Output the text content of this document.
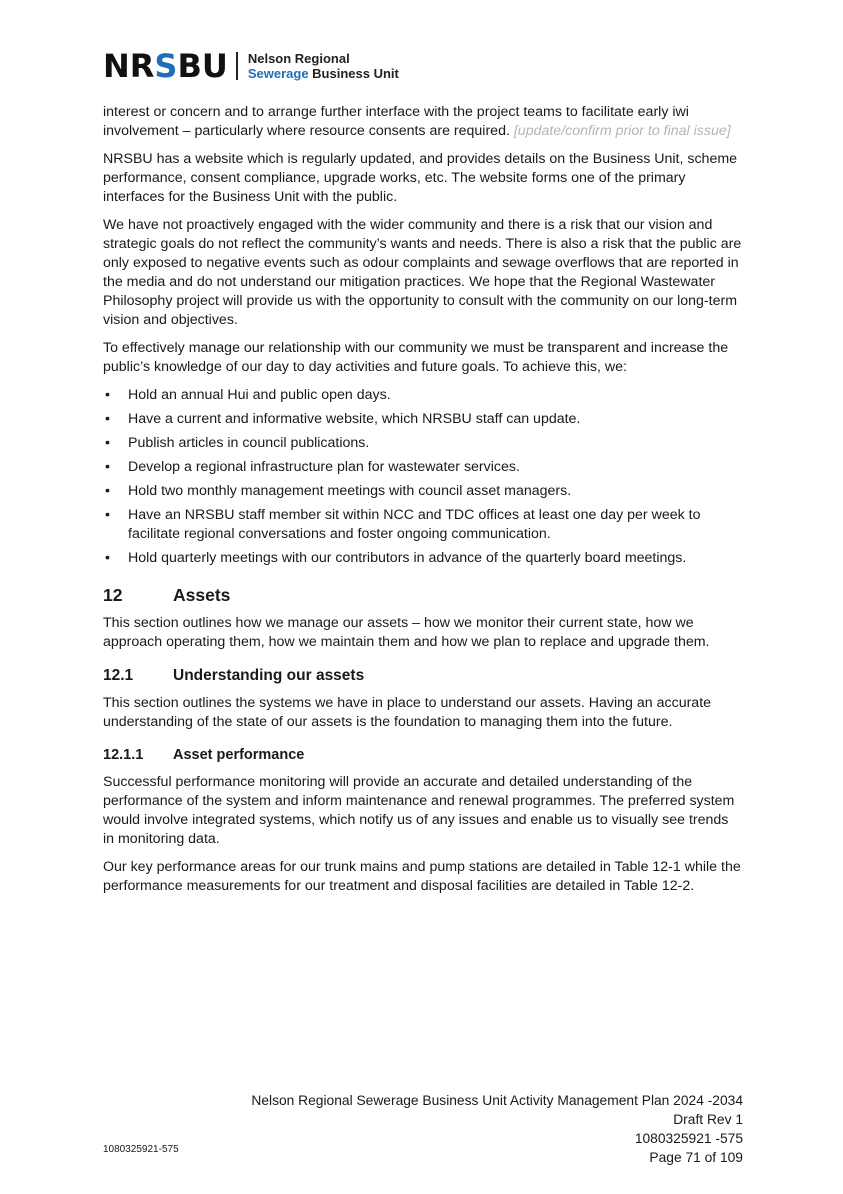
NRSBU Nelson Regional
Sewerage Business Unit

interest or concern and to arrange further interface with the project teams to facilitate early iwi involvement – particularly where resource consents are required. [update/confirm prior to final issue]

NRSBU has a website which is regularly updated, and provides details on the Business Unit, scheme performance, consent compliance, upgrade works, etc. The website forms one of the primary interfaces for the Business Unit with the public.

We have not proactively engaged with the wider community and there is a risk that our vision and strategic goals do not reflect the community’s wants and needs. There is also a risk that the public are only exposed to negative events such as odour complaints and sewage overflows that are reported in the media and do not understand our mitigation practices. We hope that the Regional Wastewater Philosophy project will provide us with the opportunity to consult with the community on our long-term vision and objectives.

To effectively manage our relationship with our community we must be transparent and increase the public’s knowledge of our day to day activities and future goals. To achieve this, we:

• Hold an annual Hui and public open days.
• Have a current and informative website, which NRSBU staff can update.
• Publish articles in council publications.
• Develop a regional infrastructure plan for wastewater services.
• Hold two monthly management meetings with council asset managers.
• Have an NRSBU staff member sit within NCC and TDC offices at least one day per week to facilitate regional conversations and foster ongoing communication.
• Hold quarterly meetings with our contributors in advance of the quarterly board meetings.
12	Assets

This section outlines how we manage our assets – how we monitor their current state, how we approach operating them, how we maintain them and how we plan to replace and upgrade them.

12.1	Understanding our assets

This section outlines the systems we have in place to understand our assets. Having an accurate understanding of the state of our assets is the foundation to managing them into the future.

12.1.1	Asset performance

Successful performance monitoring will provide an accurate and detailed understanding of the performance of the system and inform maintenance and renewal programmes. The preferred system would involve integrated systems, which notify us of any issues and enable us to visually see trends in monitoring data.

Our key performance areas for our trunk mains and pump stations are detailed in Table 12-1 while the performance measurements for our treatment and disposal facilities are detailed in Table 12-2.

Nelson Regional Sewerage Business Unit Activity Management Plan 2024 -2034
Draft Rev 1
1080325921 -575
Page 71 of 109
1080325921-575
